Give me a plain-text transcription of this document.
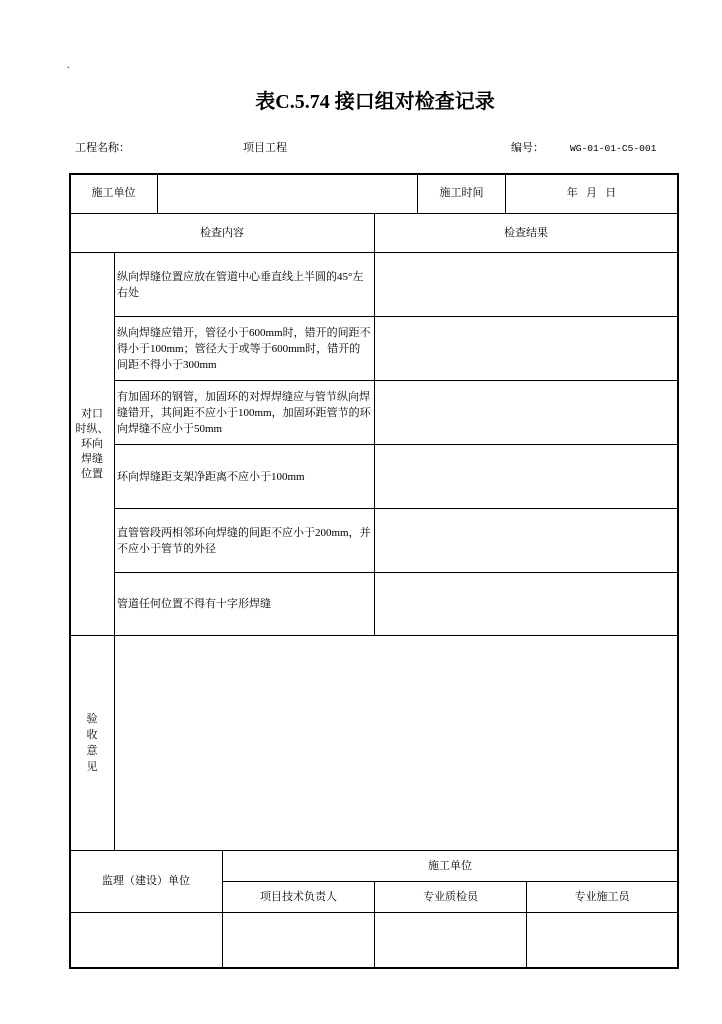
.
表C.5.74 接口组对检查记录
工程名称：	项目工程	编号：	WG-01-01-C5-001
施工单位	施工时间	年   月   日
检查内容	检查结果
对口
时纵、
环向
焊缝
位置
纵向焊缝位置应放在管道中心垂直线上半圆的45°左右处
纵向焊缝应错开，管径小于600mm时，错开的间距不得小于100mm；管径大于或等于600mm时，错开的间距不得小于300mm
有加固环的钢管，加固环的对焊焊缝应与管节纵向焊缝错开，其间距不应小于100mm，加固环距管节的环向焊缝不应小于50mm
环向焊缝距支架净距离不应小于100mm
直管管段两相邻环向焊缝的间距不应小于200mm，并不应小于管节的外径
管道任何位置不得有十字形焊缝
验
收
意
见
监理（建设）单位
施工单位
项目技术负责人	专业质检员	专业施工员
